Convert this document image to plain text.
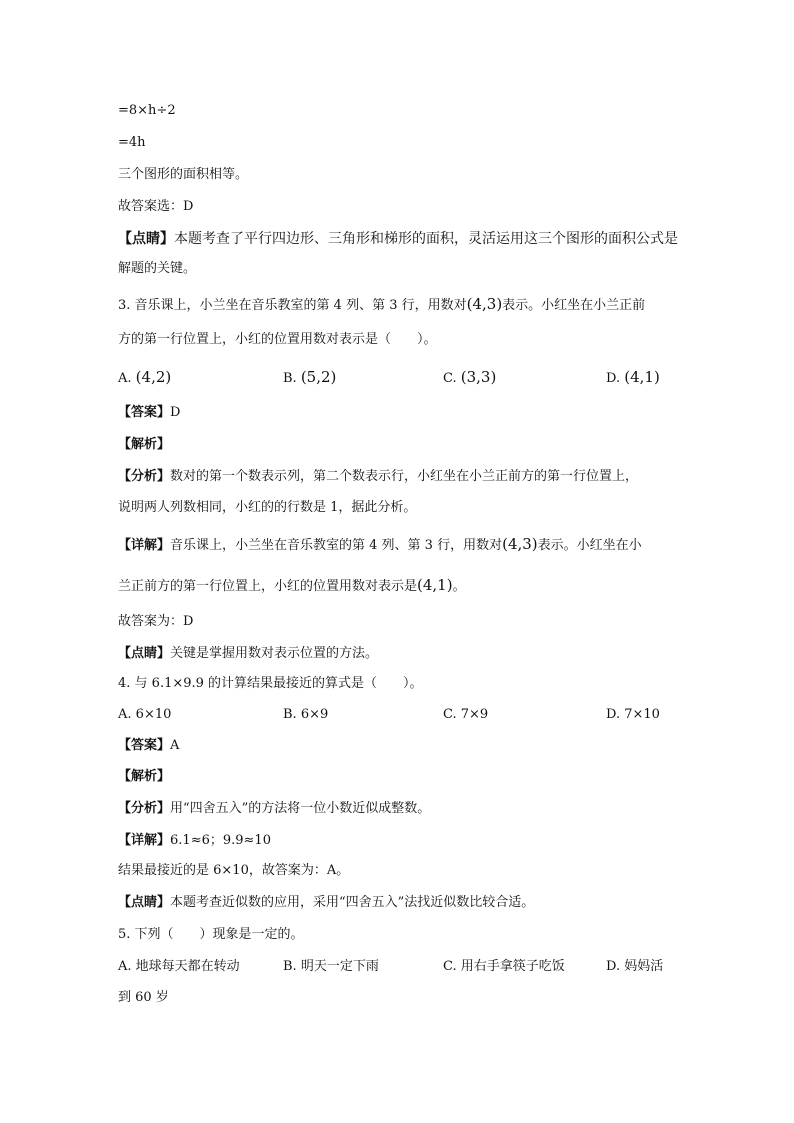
=8×h÷2

=4h

三个图形的面积相等。

故答案选：D

【点睛】本题考查了平行四边形、三角形和梯形的面积，灵活运用这三个图形的面积公式是

解题的关键。

3. 音乐课上，小兰坐在音乐教室的第 4 列、第 3 行，用数对(4,3)表示。小红坐在小兰正前

方的第一行位置上，小红的位置用数对表示是（　　）。

A. (4,2)	B. (5,2)	C. (3,3)	D. (4,1)

【答案】D

【解析】

【分析】数对的第一个数表示列，第二个数表示行，小红坐在小兰正前方的第一行位置上，

说明两人列数相同，小红的的行数是 1，据此分析。

【详解】音乐课上，小兰坐在音乐教室的第 4 列、第 3 行，用数对(4,3)表示。小红坐在小

兰正前方的第一行位置上，小红的位置用数对表示是(4,1)。

故答案为：D

【点睛】关键是掌握用数对表示位置的方法。

4. 与 6.1×9.9 的计算结果最接近的算式是（　　）。

A. 6×10	B. 6×9	C. 7×9	D. 7×10

【答案】A

【解析】

【分析】用“四舍五入”的方法将一位小数近似成整数。

【详解】6.1≈6；9.9≈10

结果最接近的是 6×10，故答案为：A。

【点睛】本题考查近似数的应用，采用“四舍五入”法找近似数比较合适。

5. 下列（　　）现象是一定的。

A. 地球每天都在转动	B. 明天一定下雨	C. 用右手拿筷子吃饭	D. 妈妈活

到 60 岁
